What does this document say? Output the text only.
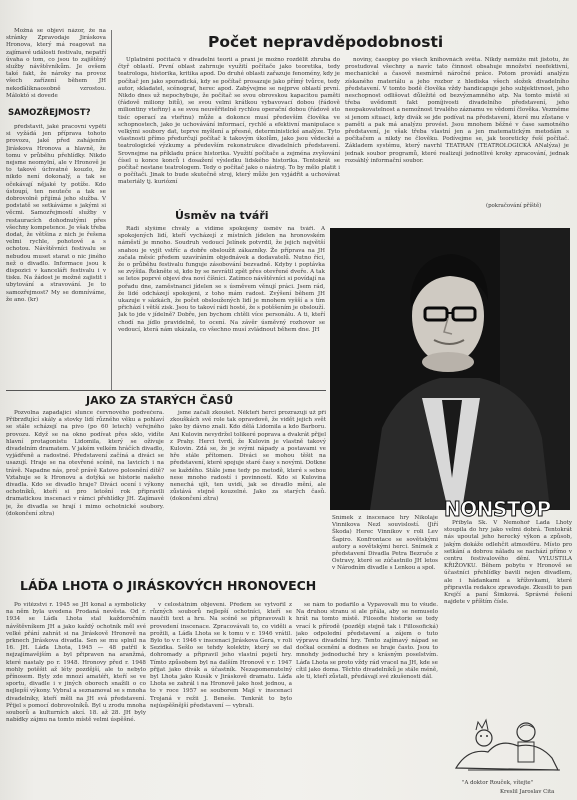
Možná se objeví názor, že na stránky Zpravodaje Jiráskova Hronova, který má reagovat na zajímavé události festivalu, nepatří úvaha o tom, co jsou to zajištěný služby návštěvníkům. Je ovšem také fakt, že nároky na provoz všech zařízení během JH nekoďálíknaosobně vzrostou. Máloktó si dovede

SAMOZŘEJMOST?

představit, jaké pracovní vypětí si vyžádá jen příprava tohoto provozu, jaké před zahájením Jiráskova Hronova a hlavně, že tomu v průběhu přehlídky. Nikdo nejsme neomylní, ale v Hronově je to takové úchvatné kouzlo, že nikdo není dokonalý, a tak se očekávají nějaké ty potíže. Kdo ústoupí, ten neuteče a tak se dobrovolně přijímá jeho služba. V podstatě se setkáváme s jakými si věcmi. Samozřejmostí služby v restauracích dohodnutými přes všechny kompetence. Je však třeba dodat, že většina z nich je řešena velmi rychle, pohotově a s ochotou. Návštěvníci festivalu se nebudou muset starat o nic jiného než o divadlo. Informace jsou k dispozici v kanceláři festivalu i v tisku. Na žádost je možné zajistit i ubytování a stravování. Je to samozřejmost? My se domníváme, že ano. (kr)

Počet nepravděpodobnosti

Uplatnění počítačů v divadelní teorii a praxi je možno rozdělit zhruba do čtyř oblastí. První oblast zahrnuje využití počítače jako teoretika, tedy teatrologa, historika, kritika apod. Do druhé oblasti zařazuje fenomény, kdy je počítač jen jako sporadická, kdy se počítač prosazuje jako přímý tvůrce, tedy autor, skladatel, scénograf, herec apod. Zabývejme se nejprve oblastí první. Nikdo dnes už nepochybuje, že počítač se svou obrovskou kapacitou paměti (řádově miliony bitů), se svou velmi krátkou vybavovací dobou (řádově miliontiny vteřiny) a se svou neuvěřitelně rychlou operační dobou (řádově sto tisíc operací za vteřinu) může a dokonce musí především člověka ve schopnostech, jako je uchovávání informací, rychlé a efektivní manipulace s velkými soubory dat, teprve myšlení a přesné, deterministické analýze. Tyto vlastnosti přímo předurčují počítač k takovým úkolům, jako jsou vědecké a teatrologické výzkumy a především rekonstrukce divadelních představení. Srovnejme na příkladu práce historika. Využití počítače a zejména zvyšování čísel u konce konců i dosažení výsledku lidského historika. Tentokrát se počítač nestane teatrologem. Tedy o počítač jako o nástroj. To by mělo platit i o počítači. Jinak to bude skutečně stroj, který může jen vyjádřit a uchovávat materiály tj. kuriózní

noviny, časopisy po všech knihovnách světa. Nikdy nemůže mít jistotu, že prostudoval všechny a navíc tato činnost obsahuje množství neefektivní, mechanické a časově nesmírně náročné práce. Potom provádí analýzu získaného materiálu a jeho rozbor z hlediska všech složek divadelního představení. V tomto bodě člověka vždy handicapuje jeho subjektivnost, jeho neschopnost odlišovat důležité od bezvýznamného atp. Na tomto místě si třeba uvědomit fakt pomíjivosti divadelního představení, jeho neopakovatelnost a nemožnost trvalého záznamu ve vědomí člověka. Vezměme si jenom situaci, kdy divák se jde podívat na představení, které mu zůstane v paměti a pak má analýzu provést. Jsou mnohem běžné v čase samotného představení, je však třeba vlastní jen a jen matematickým metodám s počítačem a nikdy ne člověku. Podívejme se, jak teoreticky řeší počítač. Základem systému, který navrhl TEATRAN (TEATROLOGICKÁ ANalýza) je jednak soubor programů, které realizují jednotlivé kroky zpracování, jednak rozsáhlý informační soubor.

(pokračování příště)
Úsměv na tváři

Rádi slyšíme chvály a vidíme spokojený úsměv na tváři. A spokojených lidí, kteří vycházejí z místních jídelen na hronovském náměstí je mnoho. Soudruh vedoucí Jelínek potvrdil, že jejich největší snahou je vyjít vstříc a dobře obsloužit zákazníky. Že příprava na JH začala měsíc předem uzavíráním objednávek a dodavatelů. Nutno říci, že o průběhu festivalu funguje zásobování bezvadně. Kdyby i poptávka se zvýšila. Řekněte si, kdo by se nevrátil zpět přes otevřené dveře. A tak se letos poprvé objeví dva noví číšníci. Zatímco návštěvníci si povídají na pořadu dne, zaměstnanci jídelen se s úsměvem věnují práci. Jsem rád, že lidé odcházejí spokojeni, z toho mám radost. Zvýšení během JH ukazuje v sázkách, že počet obsloužených lidí je mnohem vyšší a s tím přichází i větší zisk. Jsou to takoví rádi hosté, že s potěšením je obslouží. Jak to jde v jídelně? Dobře, jen bychom chtěli více personálu. A ti, kteří chodí na jídlo pravidelně, to ocení. Na závěr úsměvný rozhovor se vedoucí, která nám ukázala, co všechno musí zvládnout během dne. JH

JAKO ZA STARÝCH ČASŮ

Pozvolna zapadající slunce červnového podvečera. Přibrzďující skály a stovky lidí různého věku a pohlaví se stále scházejí na pivo (po 60 letech) veřejného provozu. Když se na okno podívat přes sklo, vidíte hlavní protagonistu Lidomila, který se oživuje divadelním dramatem. V jakém velkém hráčích divadlo, vyjádřeně a radostné. Představení začíná a diváci se usazují. Hraje se na otevřené scéně, na lavicích i na trávě. Napadne nás, proč právě Katovo polosnění dítě? Vztahuje se k Hronovu a dotýká se historie našeho divadla. Kdo se divadlo hraje? Diváci ocení i výkony ochotníků, kteří si pro letošní rok připravili dramatickou inscenaci v rámci přehlídky JH. Zajímavé je, že divadla se hrají i mimo ochotnické soubory. (dokončení zítra)

jsme začali zkoušet. Někteří herci prozrazují už při zkouškách své role tak opravdově, že vidět jejich svět jako by dávno znali. Kdo dělá Lidomila a kdo Barboru. Ani Kulovin nevydržel tolikeré poprava a dvakrát přijel z Prahy. Herci tvrdí, že Kulovin je vlastně takový Kulovin. Zdá se, že je svými nápady a postavami ve hře stále přítomen. Diváci se mohou těšit na představení, které spojuje staré časy s novými. Dotkne se každého. Stále jsme tedy po metodě, které s sebou nese mnoho radostí i povinností. Kdo si Kulovina nenechá ujít, ten uvidí, jak se divadlo mění, ale zůstává stejně kouzelné. Jako za starých časů. (dokončení zítra)

Snímek z inscenace hry Nikolaje Vinnikova Nezl souvislostí. (Jiří Škoda) Herec Vinnikov v roli Lev Šapiro. Konfrontace se sovětskými autory a sovětskými herci. Snímek z představení Divadla Petra Bezruče z Ostravy, které se zúčastnilo JH letos v Národním divadle s Lenkou a spol.
NONSTOP

Přibyla Sk. V Nemohoř Lada Lhoty stoupila do hry jako velmi dobrá. Tentokrát nás upoutal jeho herecký výkon a způsob, jakým dokáže odlehčit atmosféru. Místo pro setkání a dobrou náladu se nachází přímo v centru festivalového dění. VYLUSTILA KŘIŽOVKU. Během pobytu v Hronově se účastníci přehlídky bavili nejen divadlem, ale i hádankami a křížovkami, které připravila redakce zpravodaje. Zkusili to pan Krejčí a paní Šimková. Správné řešení najdete v příštím čísle.

LÁĎA LHOTA O JIRÁSKOVÝCH HRONOVECH

Po vítězství r. 1945 se JH konal a symbolicky na něm byla uvedena Prodaná nevěsta. Od r. 1934 se Láďa Lhota stal každoročním návštěvníkem JH a jako každý ochotník měl své velké přání zahrát si na Jiráskově Hronově na prknech Jiráskova divadla. Sen se mu splnil na 16. JH. Láďa Lhota, 1945 — 48 patřil k nejzajímavějším a byl připraven na aranžmá, které nastaly po r. 1948. Hronovy před r. 1948 mohly potěšit až léty pozdější, ale to nebylo přínosem. Byly zde mnozí amatéři, kteří se ve sportu, divadle i v jiných oborech snažili o co nejlepší výkony. Vybral a seznamoval se s mnoha divadelníky, kteří měli na JH svá představení. Přijel s pomocí dobrovolníků. Byl u zrodu mnoha souborů a kulturních akcí. 18. až 28. JH byly nabídky zájmu na tomto místě velmi úspěšné.

v celostátním objevení. Předem se vytvořil z různých souborů nejlepší ochotníci, kteří se naučili text a hru. Na scéně se připravovali k provedení inscenace. Zpracovávali to, co viděli a prožili, a Láďa Lhota se k tomu v r. 1946 vrátil. Bylo to v r. 1946 v inscenaci Jiráskova Gera, v roli Sezidka. Sešlo se tehdy kolektiv, který se dal dohromady a připravil jeho vlastní pojetí hry. Tímto způsobem byl na dalším Hronově v r. 1947 přijat jako divák a účastník. Nezapomenutelný byl Lhota jako Kusák v Jiráskově dramatu. Láďa Lhota se zahrál i na Hronově jako host jednou, a to v roce 1957 se souborem Mají v inscenaci Trojaná v režii J. Beneše. Tenkrát to bylo nejúspěšnější představení — vybrali.

se nám to podařilo a Vypavovali mu to všude. Na druhou stranu si ale přála, aby se nemuselo hrát na tomto místě. Filosofie historie se tedy vrací k přírodě (později stejně tak i Fillosofická) jako odpolední představení a zájem o tuto výpravu divadelní hry. Tento zajímavý nápad se dočkal ocenění a dodnes se hraje často. Jsou to mnohdy jednoduché hry s krásným poselstvím. Láďa Lhota se proto vždy rád vracel na JH, kde se cítil jako doma. Těchto divadelníků je stále méně, ale ti, kteří zůstali, předávají své zkušenosti dál.

"A doktor Rouček, vítejte"
Kreslil Jaroslav Cita
